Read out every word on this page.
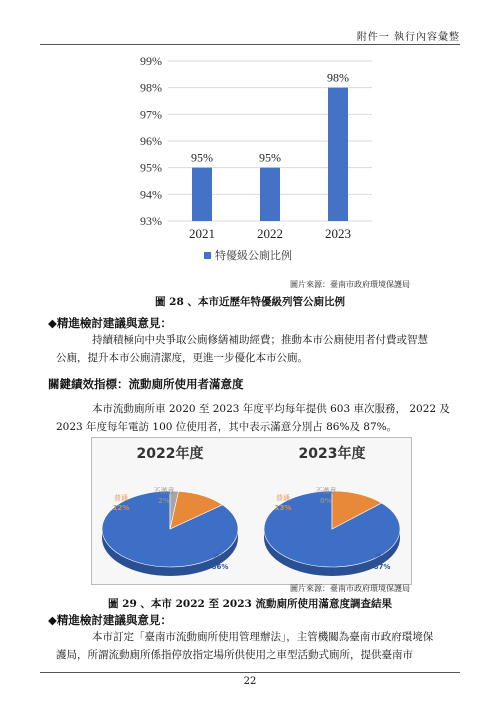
附件一 執行內容彙整
93%
94%
95%
96%
97%
98%
99%
95%
2021
95%
2022
98%
2023
特優級公廁比例
圖片來源：臺南市政府環境保護局
圖 28 、本市近歷年特優級列管公廁比例
◆精進檢討建議與意見：
持續積極向中央爭取公廁修繕補助經費；推動本市公廁使用者付費或智慧
公廁，提升本市公廁清潔度，更進一步優化本市公廁。
關鍵績效指標：流動廁所使用者滿意度
本市流動廁所車 2020 至 2023 年度平均每年提供 603 車次服務， 2022 及
2023 年度每年電訪 100 位使用者，其中表示滿意分別占 86%及 87%。
2022年度
滿意
86%
普通
12%
不滿意
2%
2023年度
滿意
87%
普通
13%
不滿意
0%
圖片來源：臺南市政府環境保護局
圖 29 、本市 2022 至 2023 流動廁所使用滿意度調查結果
◆精進檢討建議與意見：
本市訂定「臺南市流動廁所使用管理辦法」，主管機關為臺南市政府環境保
護局，所謂流動廁所係指停放指定場所供使用之車型活動式廁所，提供臺南市
22
